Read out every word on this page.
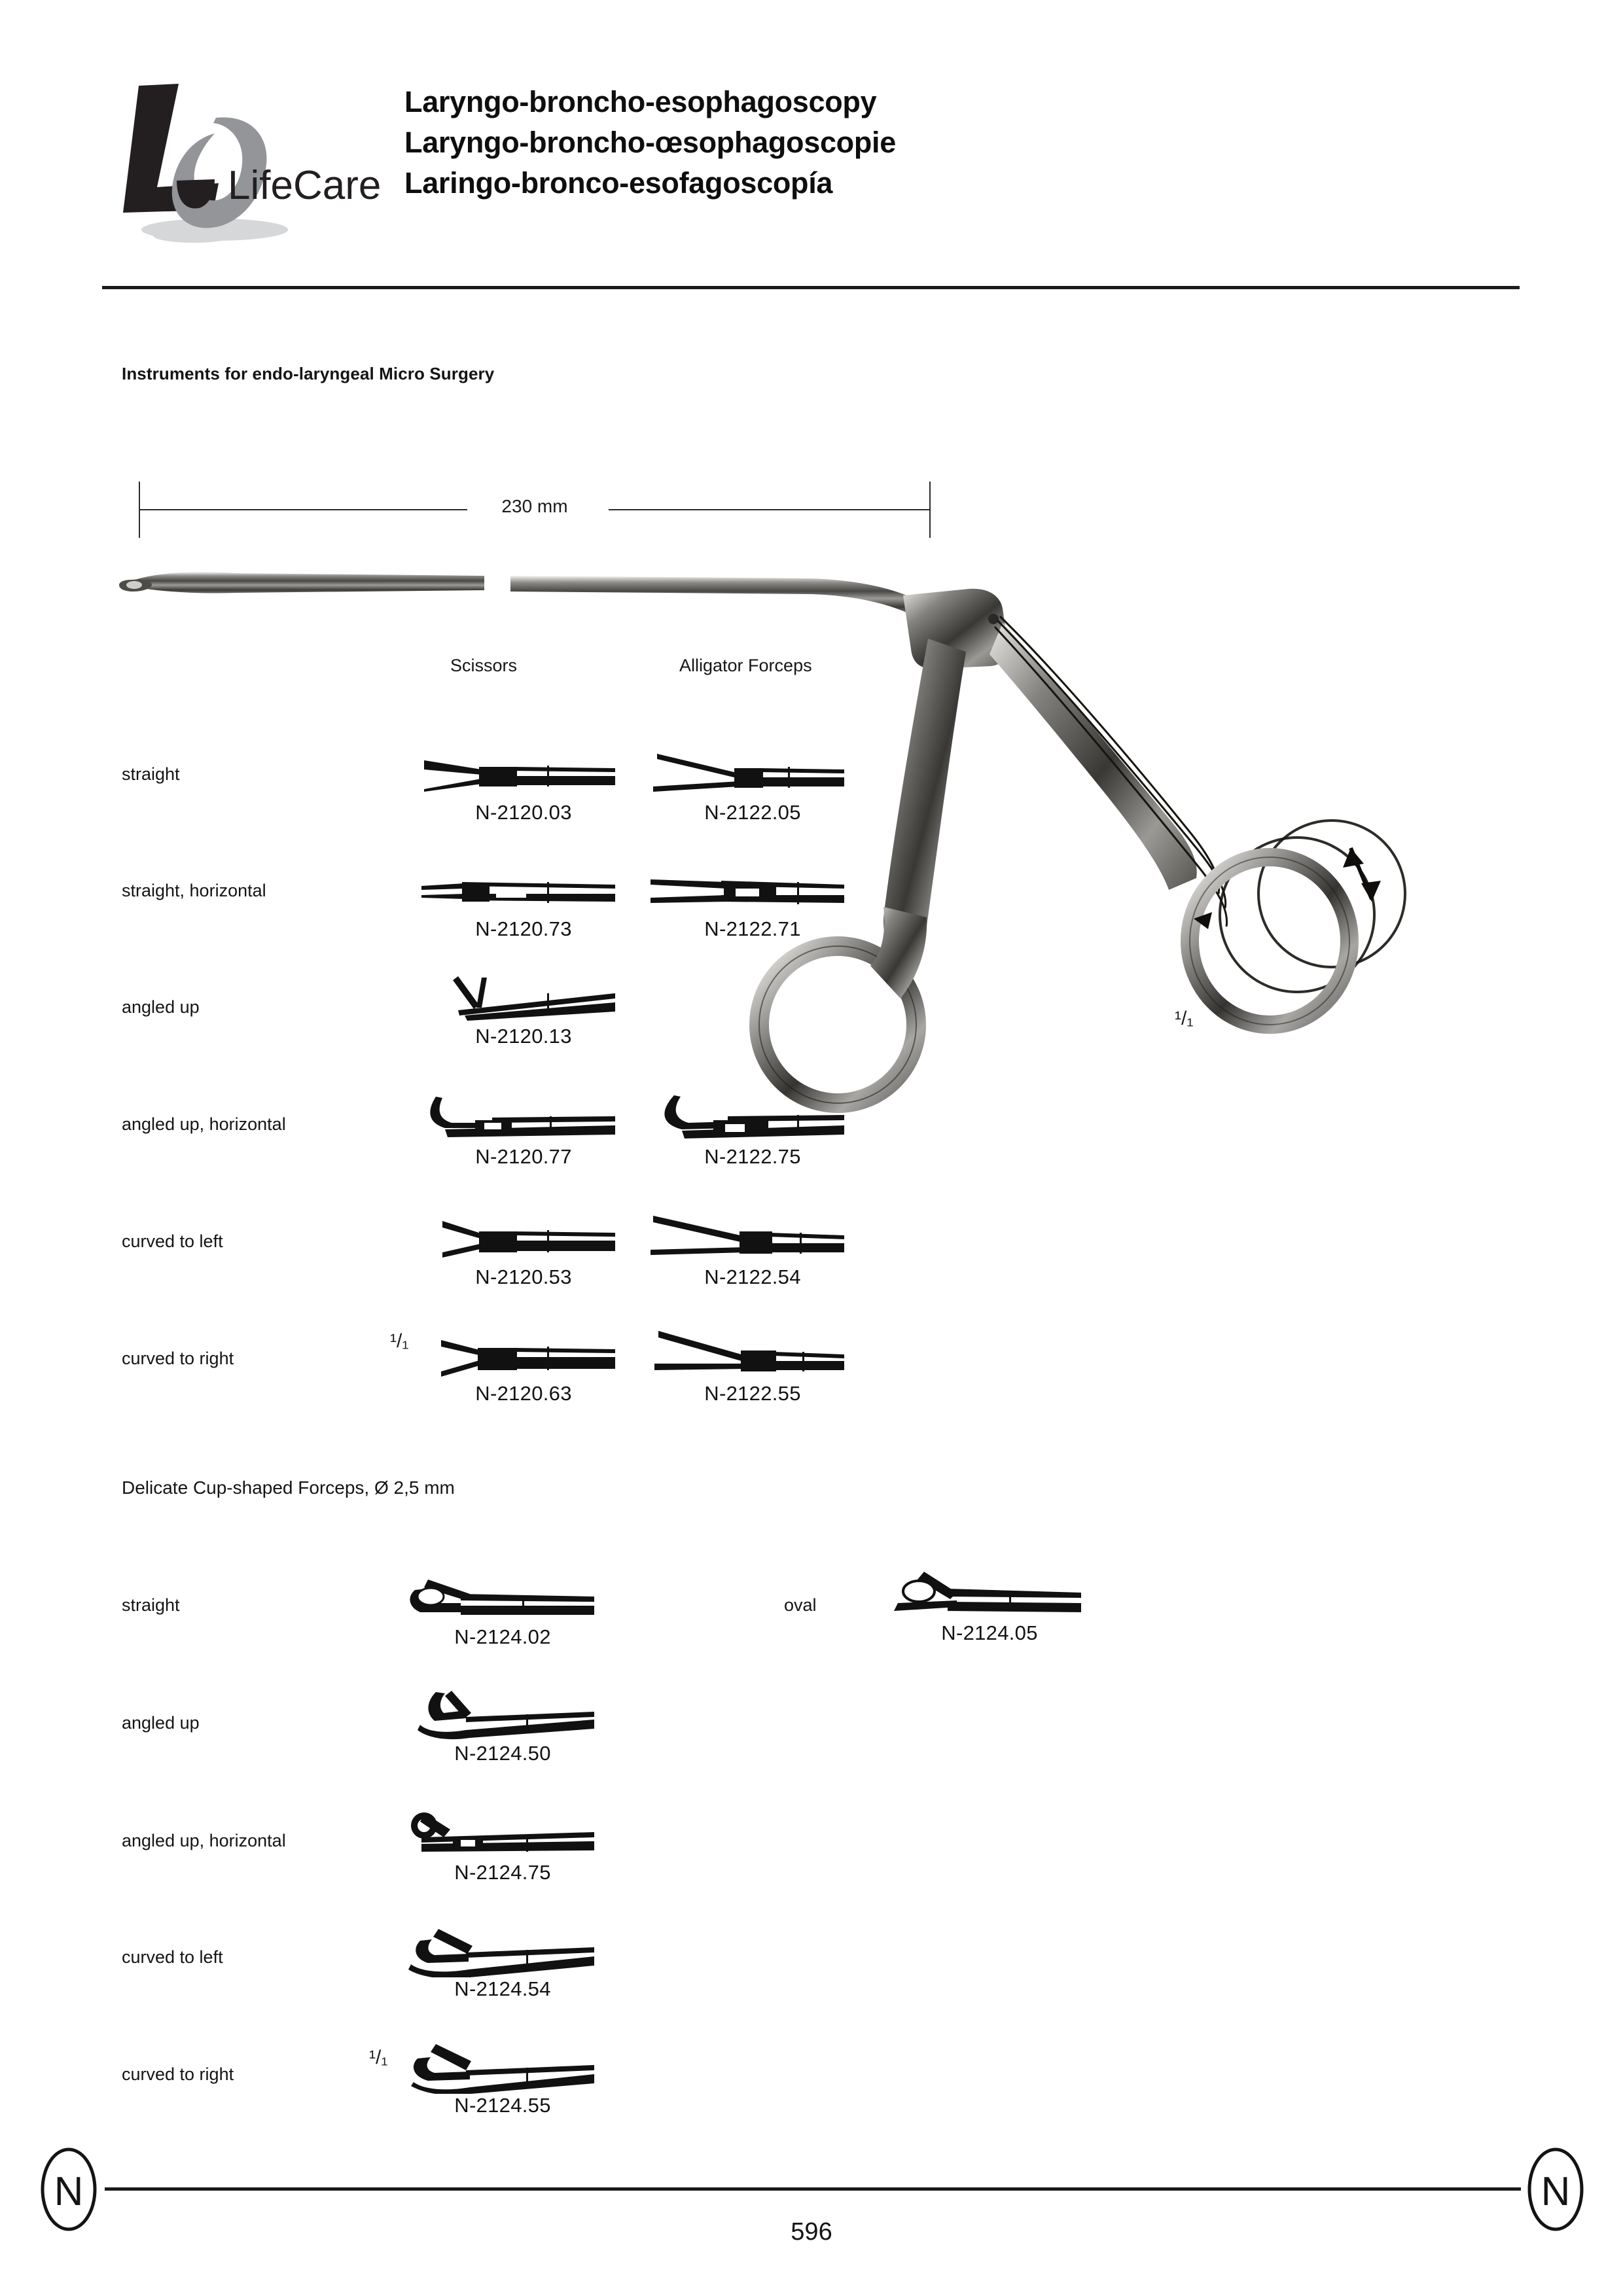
LifeCare
Laryngo-broncho-esophagoscopy
Laryngo-broncho-œsophagoscopie
Laringo-bronco-esofagoscopía
Instruments for endo-laryngeal Micro Surgery
230 mm
¹/₁
Scissors	Alligator Forceps
straight
N-2120.03	N-2122.05
straight, horizontal
N-2120.73	N-2122.71
angled up
N-2120.13
angled up, horizontal
N-2120.77	N-2122.75
curved to left
N-2120.53	N-2122.54
curved to right
¹/₁
N-2120.63	N-2122.55
Delicate Cup-shaped Forceps, Ø 2,5 mm
straight
N-2124.02
oval
N-2124.05
angled up
N-2124.50
angled up, horizontal
N-2124.75
curved to left
N-2124.54
curved to right
¹/₁
N-2124.55
N	N
596
